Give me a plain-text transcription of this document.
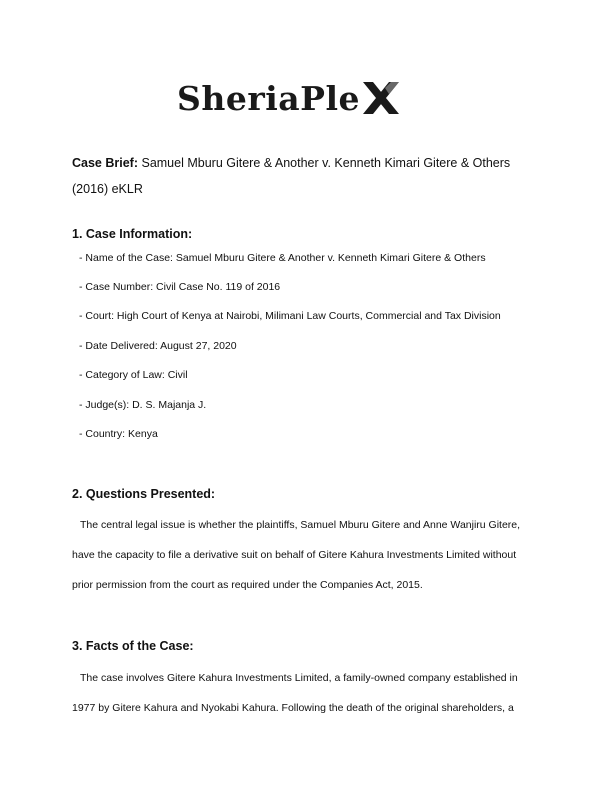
SheriaPle
Case Brief: Samuel Mburu Gitere & Another v. Kenneth Kimari Gitere & Others (2016) eKLR
1. Case Information:

- Name of the Case: Samuel Mburu Gitere & Another v. Kenneth Kimari Gitere & Others

- Case Number: Civil Case No. 119 of 2016

- Court: High Court of Kenya at Nairobi, Milimani Law Courts, Commercial and Tax Division

- Date Delivered: August 27, 2020

- Category of Law: Civil

- Judge(s): D. S. Majanja J.

- Country: Kenya

2. Questions Presented:

The central legal issue is whether the plaintiffs, Samuel Mburu Gitere and Anne Wanjiru Gitere, have the capacity to file a derivative suit on behalf of Gitere Kahura Investments Limited without prior permission from the court as required under the Companies Act, 2015.

3. Facts of the Case:

The case involves Gitere Kahura Investments Limited, a family-owned company established in 1977 by Gitere Kahura and Nyokabi Kahura. Following the death of the original shareholders, a
